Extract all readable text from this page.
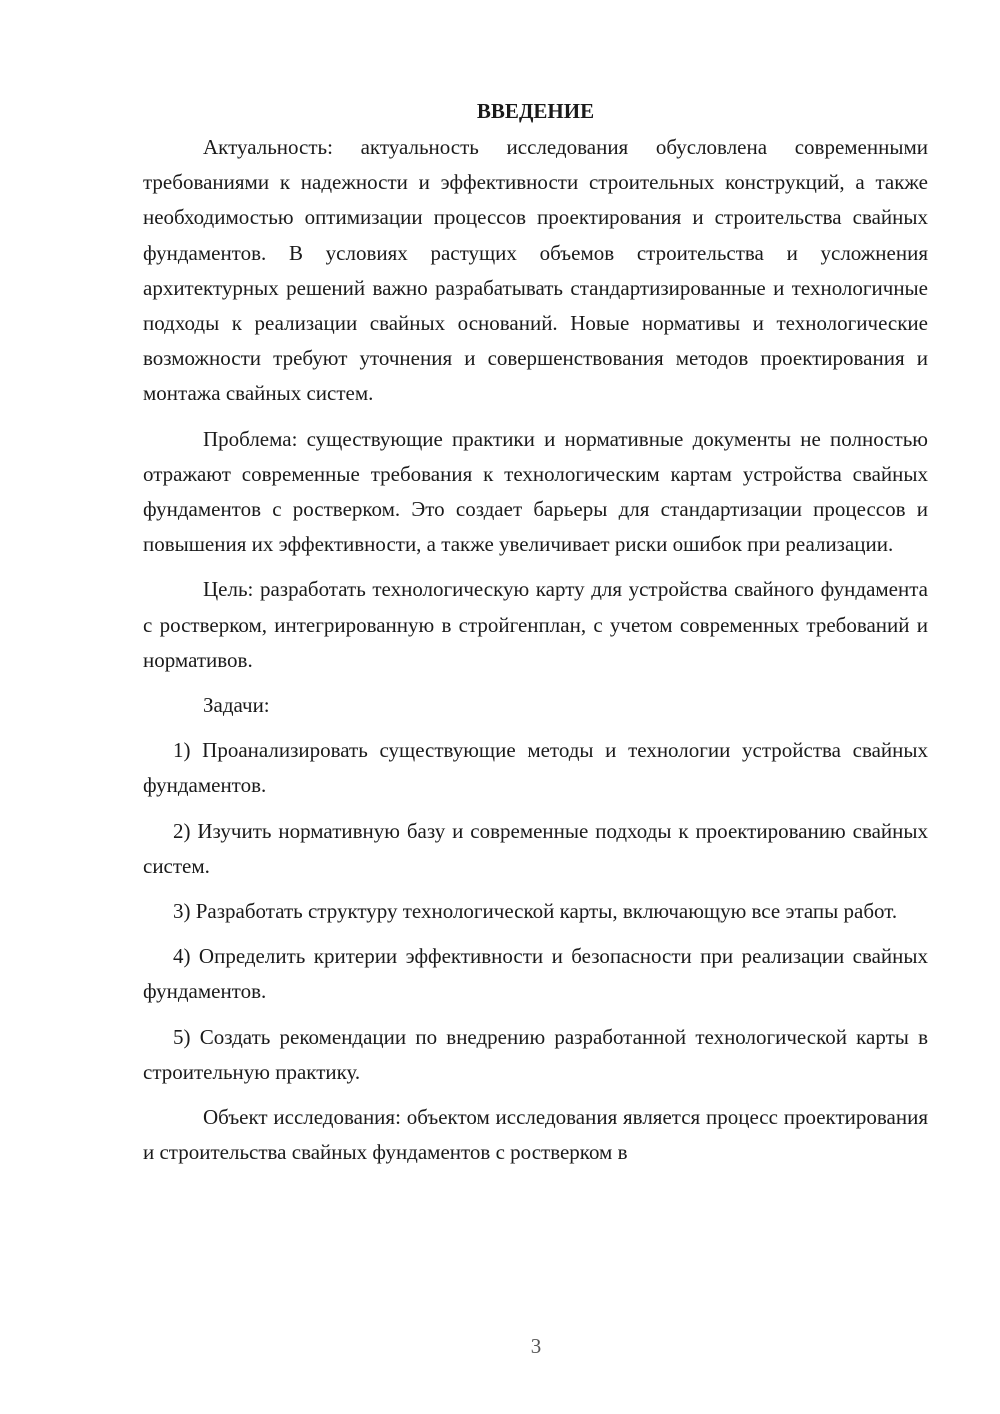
ВВЕДЕНИЕ

Актуальность: актуальность исследования обусловлена современными требованиями к надежности и эффективности строительных конструкций, а также необходимостью оптимизации процессов проектирования и строительства свайных фундаментов. В условиях растущих объемов строительства и усложнения архитектурных решений важно разрабатывать стандартизированные и технологичные подходы к реализации свайных оснований. Новые нормативы и технологические возможности требуют уточнения и совершенствования методов проектирования и монтажа свайных систем.

Проблема: существующие практики и нормативные документы не полностью отражают современные требования к технологическим картам устройства свайных фундаментов с ростверком. Это создает барьеры для стандартизации процессов и повышения их эффективности, а также увеличивает риски ошибок при реализации.

Цель: разработать технологическую карту для устройства свайного фундамента с ростверком, интегрированную в стройгенплан, с учетом современных требований и нормативов.

Задачи:

1) Проанализировать существующие методы и технологии устройства свайных фундаментов.

2) Изучить нормативную базу и современные подходы к проектированию свайных систем.

3) Разработать структуру технологической карты, включающую все этапы работ.

4) Определить критерии эффективности и безопасности при реализации свайных фундаментов.

5) Создать рекомендации по внедрению разработанной технологической карты в строительную практику.

Объект исследования: объектом исследования является процесс проектирования и строительства свайных фундаментов с ростверком в

3
